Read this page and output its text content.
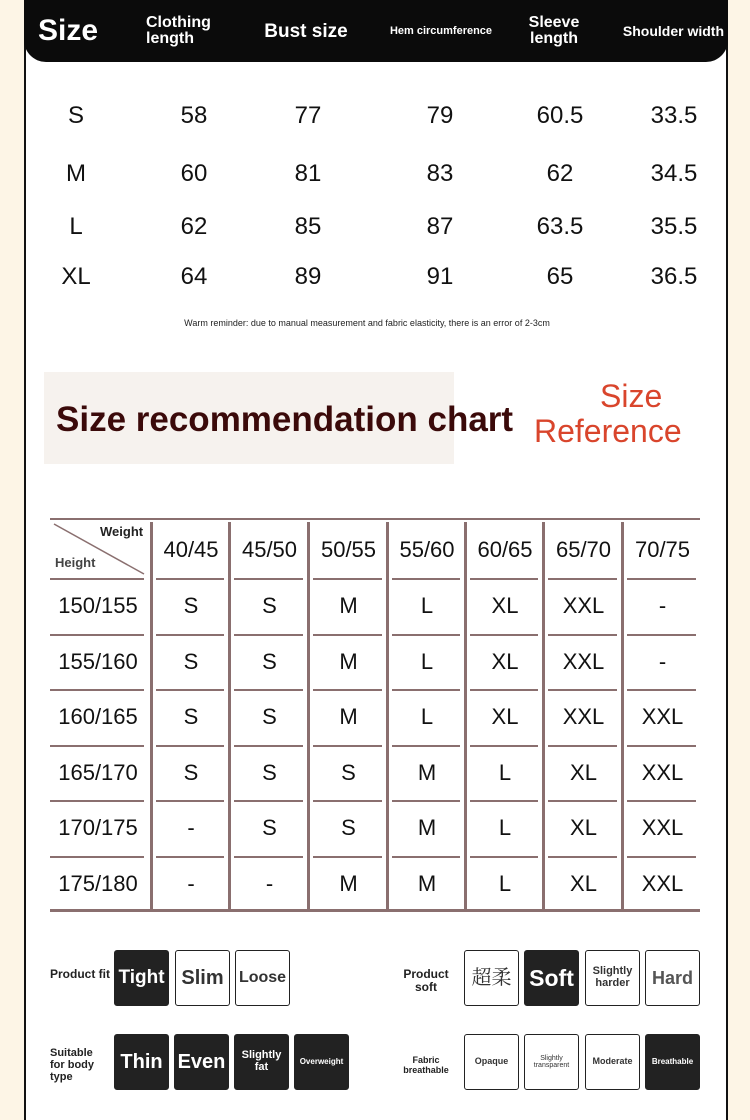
Size	Clothing length	Bust size	Hem circumference	Sleeve length	Shoulder width
S	58	77	79	60.5	33.5
M	60	81	83	62	34.5
L	62	85	87	63.5	35.5
XL	64	89	91	65	36.5
Warm reminder: due to manual measurement and fabric elasticity, there is an error of 2-3cm
Size recommendation chart
Size
Reference
Weight
Height
40/45	45/50	50/55	55/60	60/65	65/70	70/75
150/155	S	S	M	L	XL	XXL	-
155/160	S	S	M	L	XL	XXL	-
160/165	S	S	M	L	XL	XXL	XXL
165/170	S	S	S	M	L	XL	XXL
170/175	-	S	S	M	L	XL	XXL
175/180	-	-	M	M	L	XL	XXL
Product fit Tight Slim Loose	Product soft	超柔 Soft	Slightly harder	Hard
Suitable for body type
Thin Even	Slightly fat	Overweight	Fabric breathable
Opaque	Slightly transparent	Moderate	Breathable
